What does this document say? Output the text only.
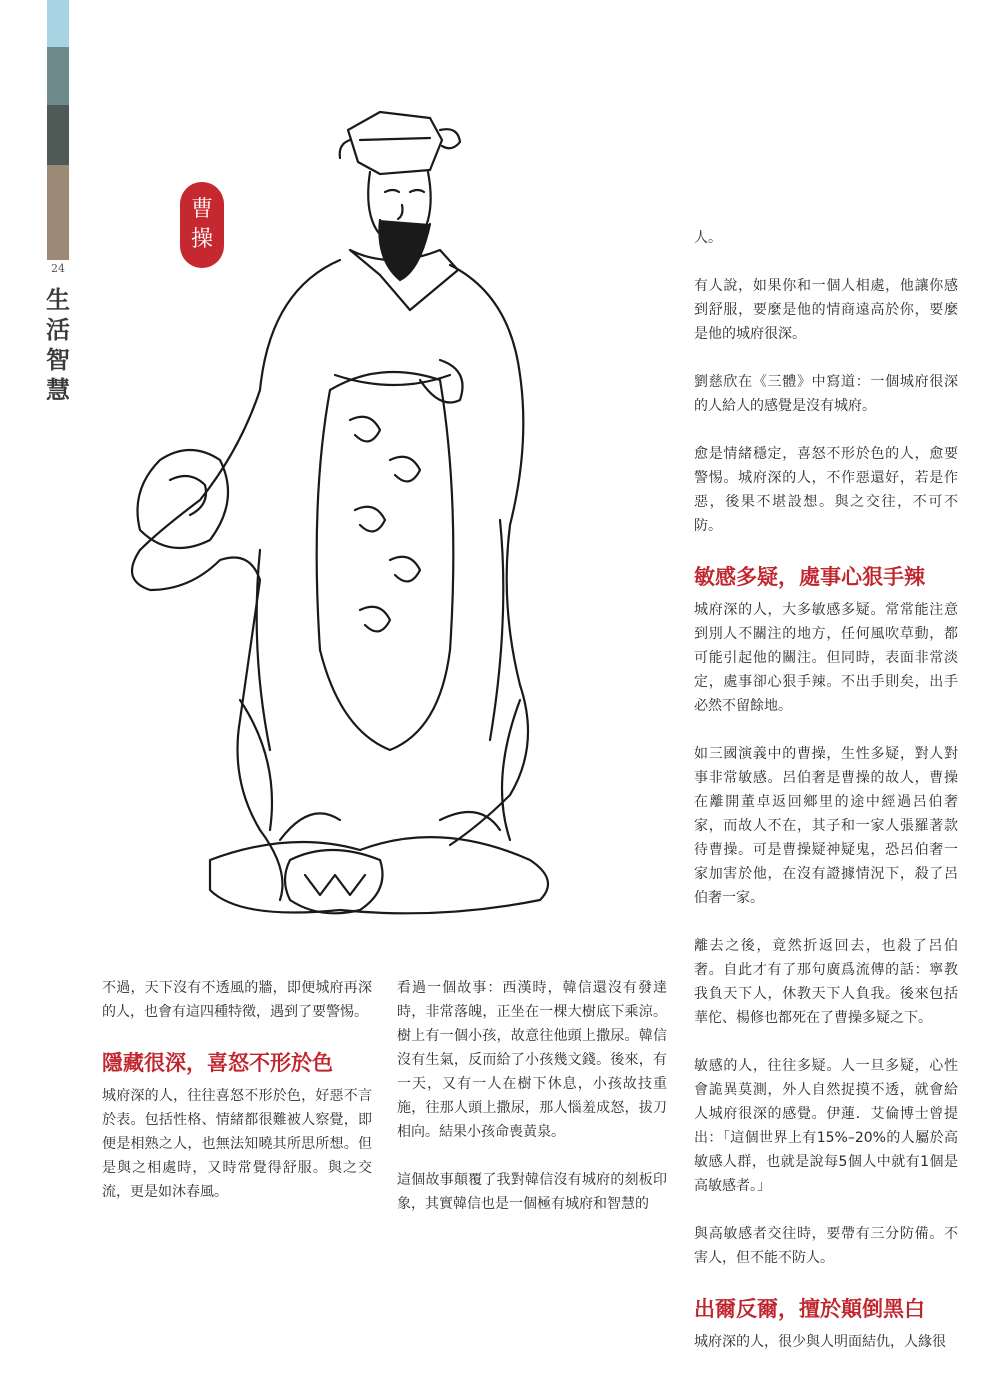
24
生活智慧
曹
操

不過，天下沒有不透風的牆，即便城府再深的人，也會有這四種特徵，遇到了要警惕。

隱藏很深，喜怒不形於色

城府深的人，往往喜怒不形於色，好惡不言於表。包括性格、情緒都很難被人察覺，即便是相熟之人，也無法知曉其所思所想。但是與之相處時，又時常覺得舒服。與之交流，更是如沐春風。

看過一個故事：西漢時，韓信還沒有發達時，非常落魄，正坐在一棵大樹底下乘涼。樹上有一個小孩，故意往他頭上撒尿。韓信沒有生氣，反而給了小孩幾文錢。後來，有一天，又有一人在樹下休息，小孩故技重施，往那人頭上撒尿，那人惱羞成怒，拔刀相向。結果小孩命喪黃泉。

這個故事顛覆了我對韓信沒有城府的刻板印象，其實韓信也是一個極有城府和智慧的

人。

有人說，如果你和一個人相處，他讓你感到舒服，要麼是他的情商遠高於你，要麼是他的城府很深。

劉慈欣在《三體》中寫道：一個城府很深的人給人的感覺是沒有城府。

愈是情緒穩定，喜怒不形於色的人，愈要警惕。城府深的人，不作惡還好，若是作惡，後果不堪設想。與之交往，不可不防。

敏感多疑，處事心狠手辣

城府深的人，大多敏感多疑。常常能注意到別人不關注的地方，任何風吹草動，都可能引起他的關注。但同時，表面非常淡定，處事卻心狠手辣。不出手則矣，出手必然不留餘地。

如三國演義中的曹操，生性多疑，對人對事非常敏感。呂伯奢是曹操的故人，曹操在離開董卓返回鄉里的途中經過呂伯奢家，而故人不在，其子和一家人張羅著款待曹操。可是曹操疑神疑鬼，恐呂伯奢一家加害於他，在沒有證據情況下，殺了呂伯奢一家。

離去之後，竟然折返回去，也殺了呂伯奢。自此才有了那句廣爲流傳的話：寧教我負天下人，休教天下人負我。後來包括華佗、楊修也都死在了曹操多疑之下。

敏感的人，往往多疑。人一旦多疑，心性會詭異莫測，外人自然捉摸不透，就會給人城府很深的感覺。伊蓮．艾倫博士曾提出：「這個世界上有15%–20%的人屬於高敏感人群，也就是說每5個人中就有1個是高敏感者。」

與高敏感者交往時，要帶有三分防備。不害人，但不能不防人。

出爾反爾，擅於顛倒黑白

城府深的人，很少與人明面結仇，人緣很
